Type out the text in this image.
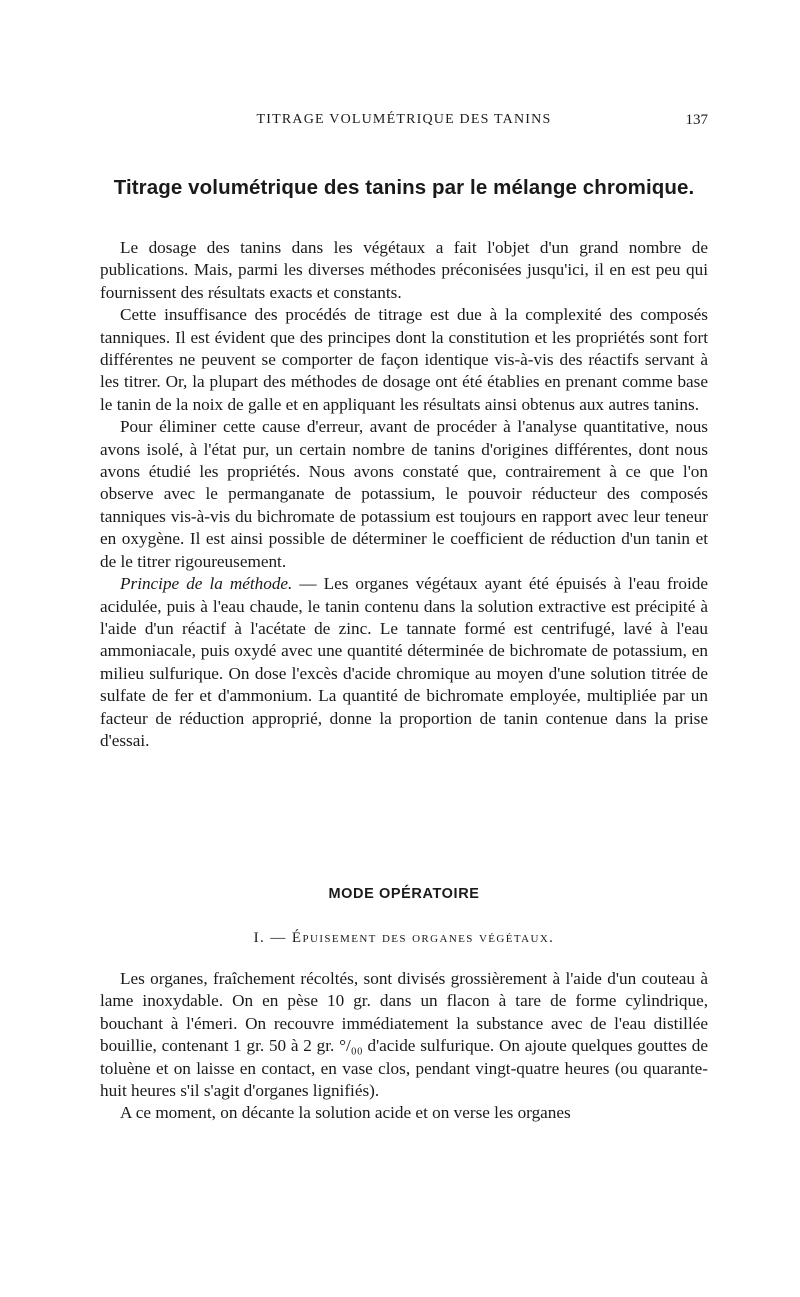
TITRAGE VOLUMÉTRIQUE DES TANINS	137
Titrage volumétrique des tanins par le mélange chromique.

Le dosage des tanins dans les végétaux a fait l'objet d'un grand nombre de publications. Mais, parmi les diverses méthodes préconisées jusqu'ici, il en est peu qui fournissent des résultats exacts et constants.

Cette insuffisance des procédés de titrage est due à la complexité des composés tanniques. Il est évident que des principes dont la constitution et les propriétés sont fort différentes ne peuvent se comporter de façon identique vis-à-vis des réactifs servant à les titrer. Or, la plupart des méthodes de dosage ont été établies en prenant comme base le tanin de la noix de galle et en appliquant les résultats ainsi obtenus aux autres tanins.

Pour éliminer cette cause d'erreur, avant de procéder à l'analyse quantitative, nous avons isolé, à l'état pur, un certain nombre de tanins d'origines différentes, dont nous avons étudié les propriétés. Nous avons constaté que, contrairement à ce que l'on observe avec le permanganate de potassium, le pouvoir réducteur des composés tanniques vis-à-vis du bichromate de potassium est toujours en rapport avec leur teneur en oxygène. Il est ainsi possible de déterminer le coefficient de réduction d'un tanin et de le titrer rigoureusement.

Principe de la méthode. — Les organes végétaux ayant été épuisés à l'eau froide acidulée, puis à l'eau chaude, le tanin contenu dans la solution extractive est précipité à l'aide d'un réactif à l'acétate de zinc. Le tannate formé est centrifugé, lavé à l'eau ammoniacale, puis oxydé avec une quantité déterminée de bichromate de potassium, en milieu sulfurique. On dose l'excès d'acide chromique au moyen d'une solution titrée de sulfate de fer et d'ammonium. La quantité de bichromate employée, multipliée par un facteur de réduction approprié, donne la proportion de tanin contenue dans la prise d'essai.

MODE OPÉRATOIRE
I. — Épuisement des organes végétaux.

Les organes, fraîchement récoltés, sont divisés grossièrement à l'aide d'un couteau à lame inoxydable. On en pèse 10 gr. dans un flacon à tare de forme cylindrique, bouchant à l'émeri. On recouvre immédiatement la substance avec de l'eau distillée bouillie, contenant 1 gr. 50 à 2 gr. °/₀₀ d'acide sulfurique. On ajoute quelques gouttes de toluène et on laisse en contact, en vase clos, pendant vingt-quatre heures (ou quarante-huit heures s'il s'agit d'organes lignifiés).

A ce moment, on décante la solution acide et on verse les organes
